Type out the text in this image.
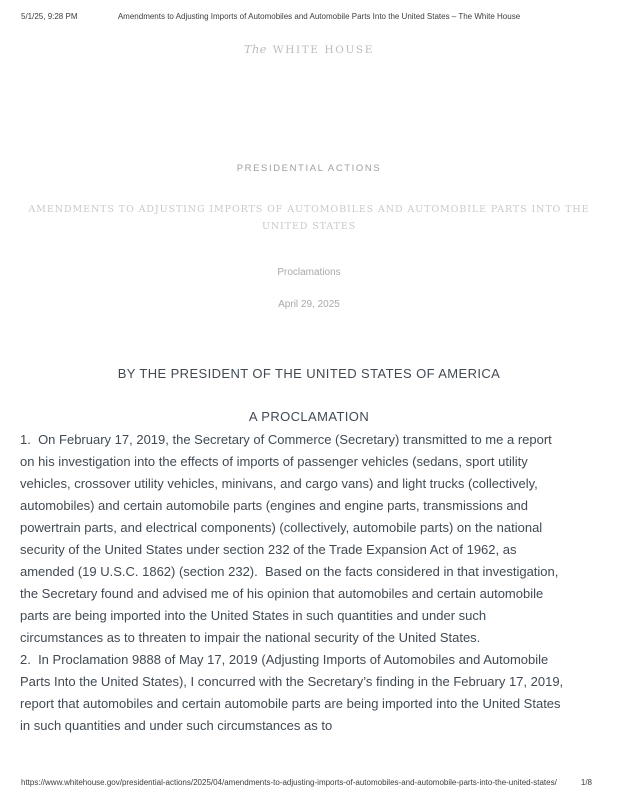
Amendments to Adjusting Imports of Automobiles and Automobile Parts Into the United States – The White House
5/1/25, 9:28 PM
The WHITE HOUSE
PRESIDENTIAL ACTIONS
AMENDMENTS TO ADJUSTING IMPORTS OF AUTOMOBILES AND AUTOMOBILE PARTS INTO THE
UNITED STATES
Proclamations
April 29, 2025
BY THE PRESIDENT OF THE UNITED STATES OF AMERICA
A PROCLAMATION

1.  On February 17, 2019, the Secretary of Commerce (Secretary) transmitted to me a report on his investigation into the effects of imports of passenger vehicles (sedans, sport utility vehicles, crossover utility vehicles, minivans, and cargo vans) and light trucks (collectively, automobiles) and certain automobile parts (engines and engine parts, transmissions and powertrain parts, and electrical components) (collectively, automobile parts) on the national security of the United States under section 232 of the Trade Expansion Act of 1962, as amended (19 U.S.C. 1862) (section 232).  Based on the facts considered in that investigation, the Secretary found and advised me of his opinion that automobiles and certain automobile parts are being imported into the United States in such quantities and under such circumstances as to threaten to impair the national security of the United States.

2.  In Proclamation 9888 of May 17, 2019 (Adjusting Imports of Automobiles and Automobile Parts Into the United States), I concurred with the Secretary’s finding in the February 17, 2019, report that automobiles and certain automobile parts are being imported into the United States in such quantities and under such circumstances as to

https://www.whitehouse.gov/presidential-actions/2025/04/amendments-to-adjusting-imports-of-automobiles-and-automobile-parts-into-the-united-states/	1/8
